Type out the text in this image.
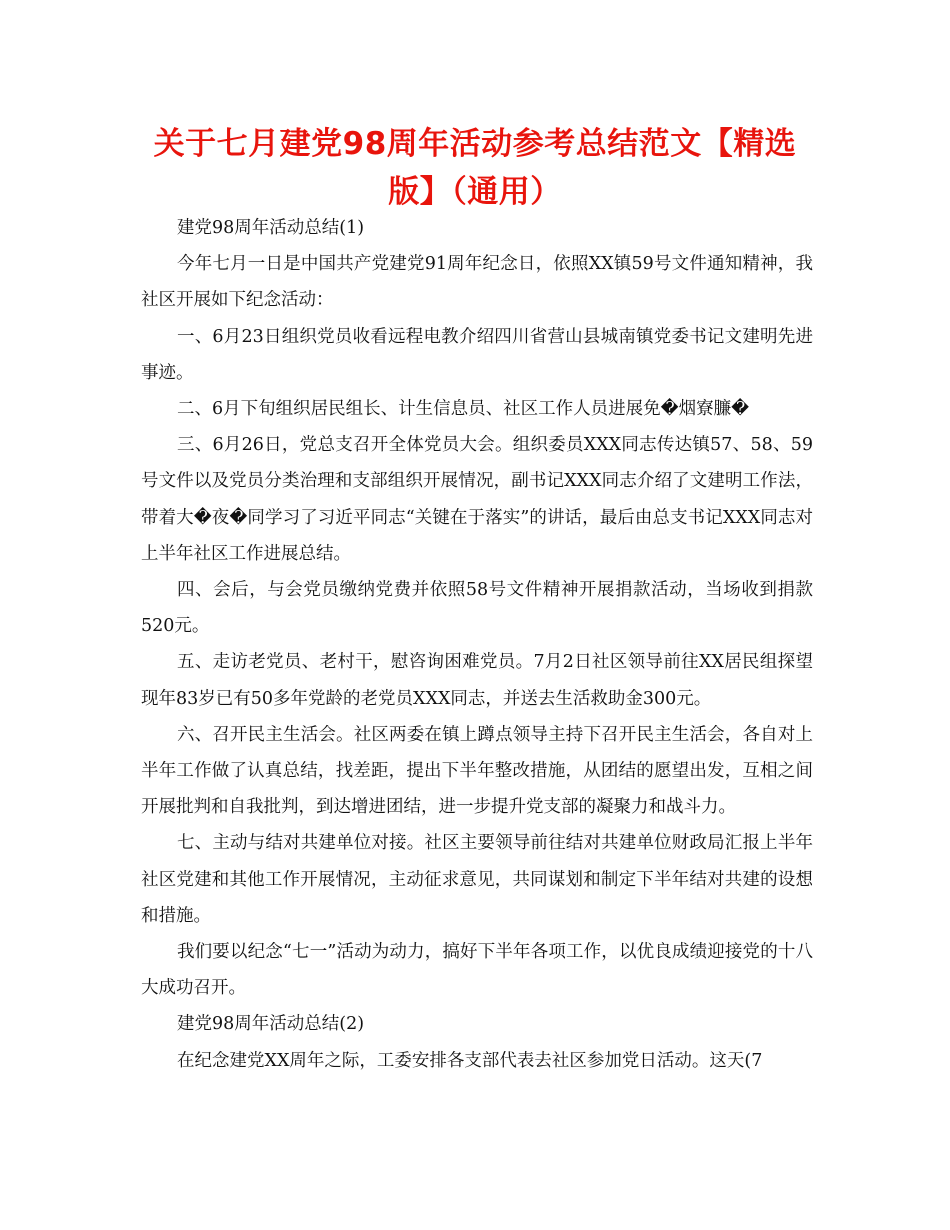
关于七月建党98周年活动参考总结范文【精选版】（通用）

建党98周年活动总结(1)

今年七月一日是中国共产党建党91周年纪念日，依照XX镇59号文件通知精神，我社区开展如下纪念活动：

一、6月23日组织党员收看远程电教介绍四川省营山县城南镇党委书记文建明先进事迹。

二、6月下旬组织居民组长、计生信息员、社区工作人员进展免�烟寮臁�

三、6月26日，党总支召开全体党员大会。组织委员XXX同志传达镇57、58、59号文件以及党员分类治理和支部组织开展情况，副书记XXX同志介绍了文建明工作法，带着大�夜�同学习了习近平同志“关键在于落实”的讲话，最后由总支书记XXX同志对上半年社区工作进展总结。

四、会后，与会党员缴纳党费并依照58号文件精神开展捐款活动，当场收到捐款520元。

五、走访老党员、老村干，慰咨询困难党员。7月2日社区领导前往XX居民组探望现年83岁已有50多年党龄的老党员XXX同志，并送去生活救助金300元。

六、召开民主生活会。社区两委在镇上蹲点领导主持下召开民主生活会，各自对上半年工作做了认真总结，找差距，提出下半年整改措施，从团结的愿望出发，互相之间开展批判和自我批判，到达增进团结，进一步提升党支部的凝聚力和战斗力。

七、主动与结对共建单位对接。社区主要领导前往结对共建单位财政局汇报上半年社区党建和其他工作开展情况，主动征求意见，共同谋划和制定下半年结对共建的设想和措施。

我们要以纪念“七一”活动为动力，搞好下半年各项工作，以优良成绩迎接党的十八大成功召开。

建党98周年活动总结(2)

在纪念建党XX周年之际，工委安排各支部代表去社区参加党日活动。这天(7
